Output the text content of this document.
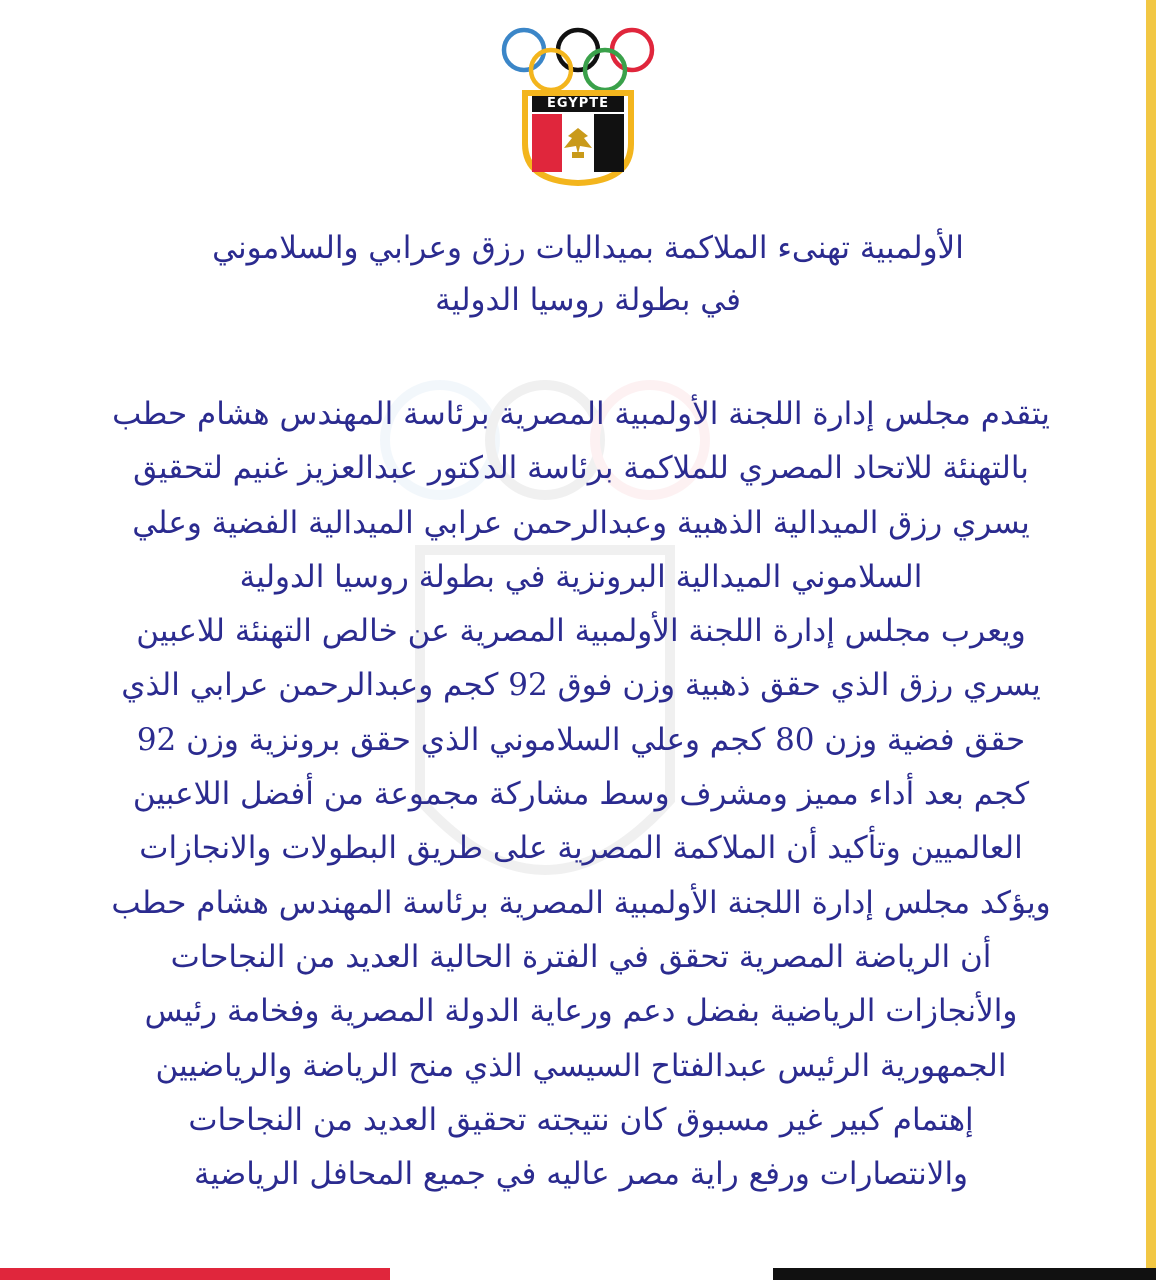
EGYPTE
الأولمبية تهنىء الملاكمة بميداليات رزق وعرابي والسلاموني
في بطولة روسيا الدولية
يتقدم مجلس إدارة اللجنة الأولمبية المصرية برئاسة المهندس هشام حطب
بالتهنئة للاتحاد المصري للملاكمة برئاسة الدكتور عبدالعزيز غنيم لتحقيق
يسري رزق الميدالية الذهبية وعبدالرحمن عرابي الميدالية الفضية وعلي
السلاموني الميدالية البرونزية في بطولة روسيا الدولية
ويعرب مجلس إدارة اللجنة الأولمبية المصرية عن خالص التهنئة للاعبين
يسري رزق الذي حقق ذهبية وزن فوق 92 كجم وعبدالرحمن عرابي الذي
حقق فضية وزن 80 كجم وعلي السلاموني الذي حقق برونزية وزن 92
كجم بعد أداء مميز ومشرف وسط مشاركة مجموعة من أفضل اللاعبين
العالميين وتأكيد أن الملاكمة المصرية على طريق البطولات والانجازات
ويؤكد مجلس إدارة اللجنة الأولمبية المصرية برئاسة المهندس هشام حطب
أن الرياضة المصرية تحقق في الفترة الحالية العديد من النجاحات
والأنجازات الرياضية بفضل دعم ورعاية الدولة المصرية وفخامة رئيس
الجمهورية الرئيس عبدالفتاح السيسي الذي منح الرياضة والرياضيين
إهتمام كبير غير مسبوق كان نتيجته تحقيق العديد من النجاحات
والانتصارات ورفع راية مصر عاليه في جميع المحافل الرياضية
